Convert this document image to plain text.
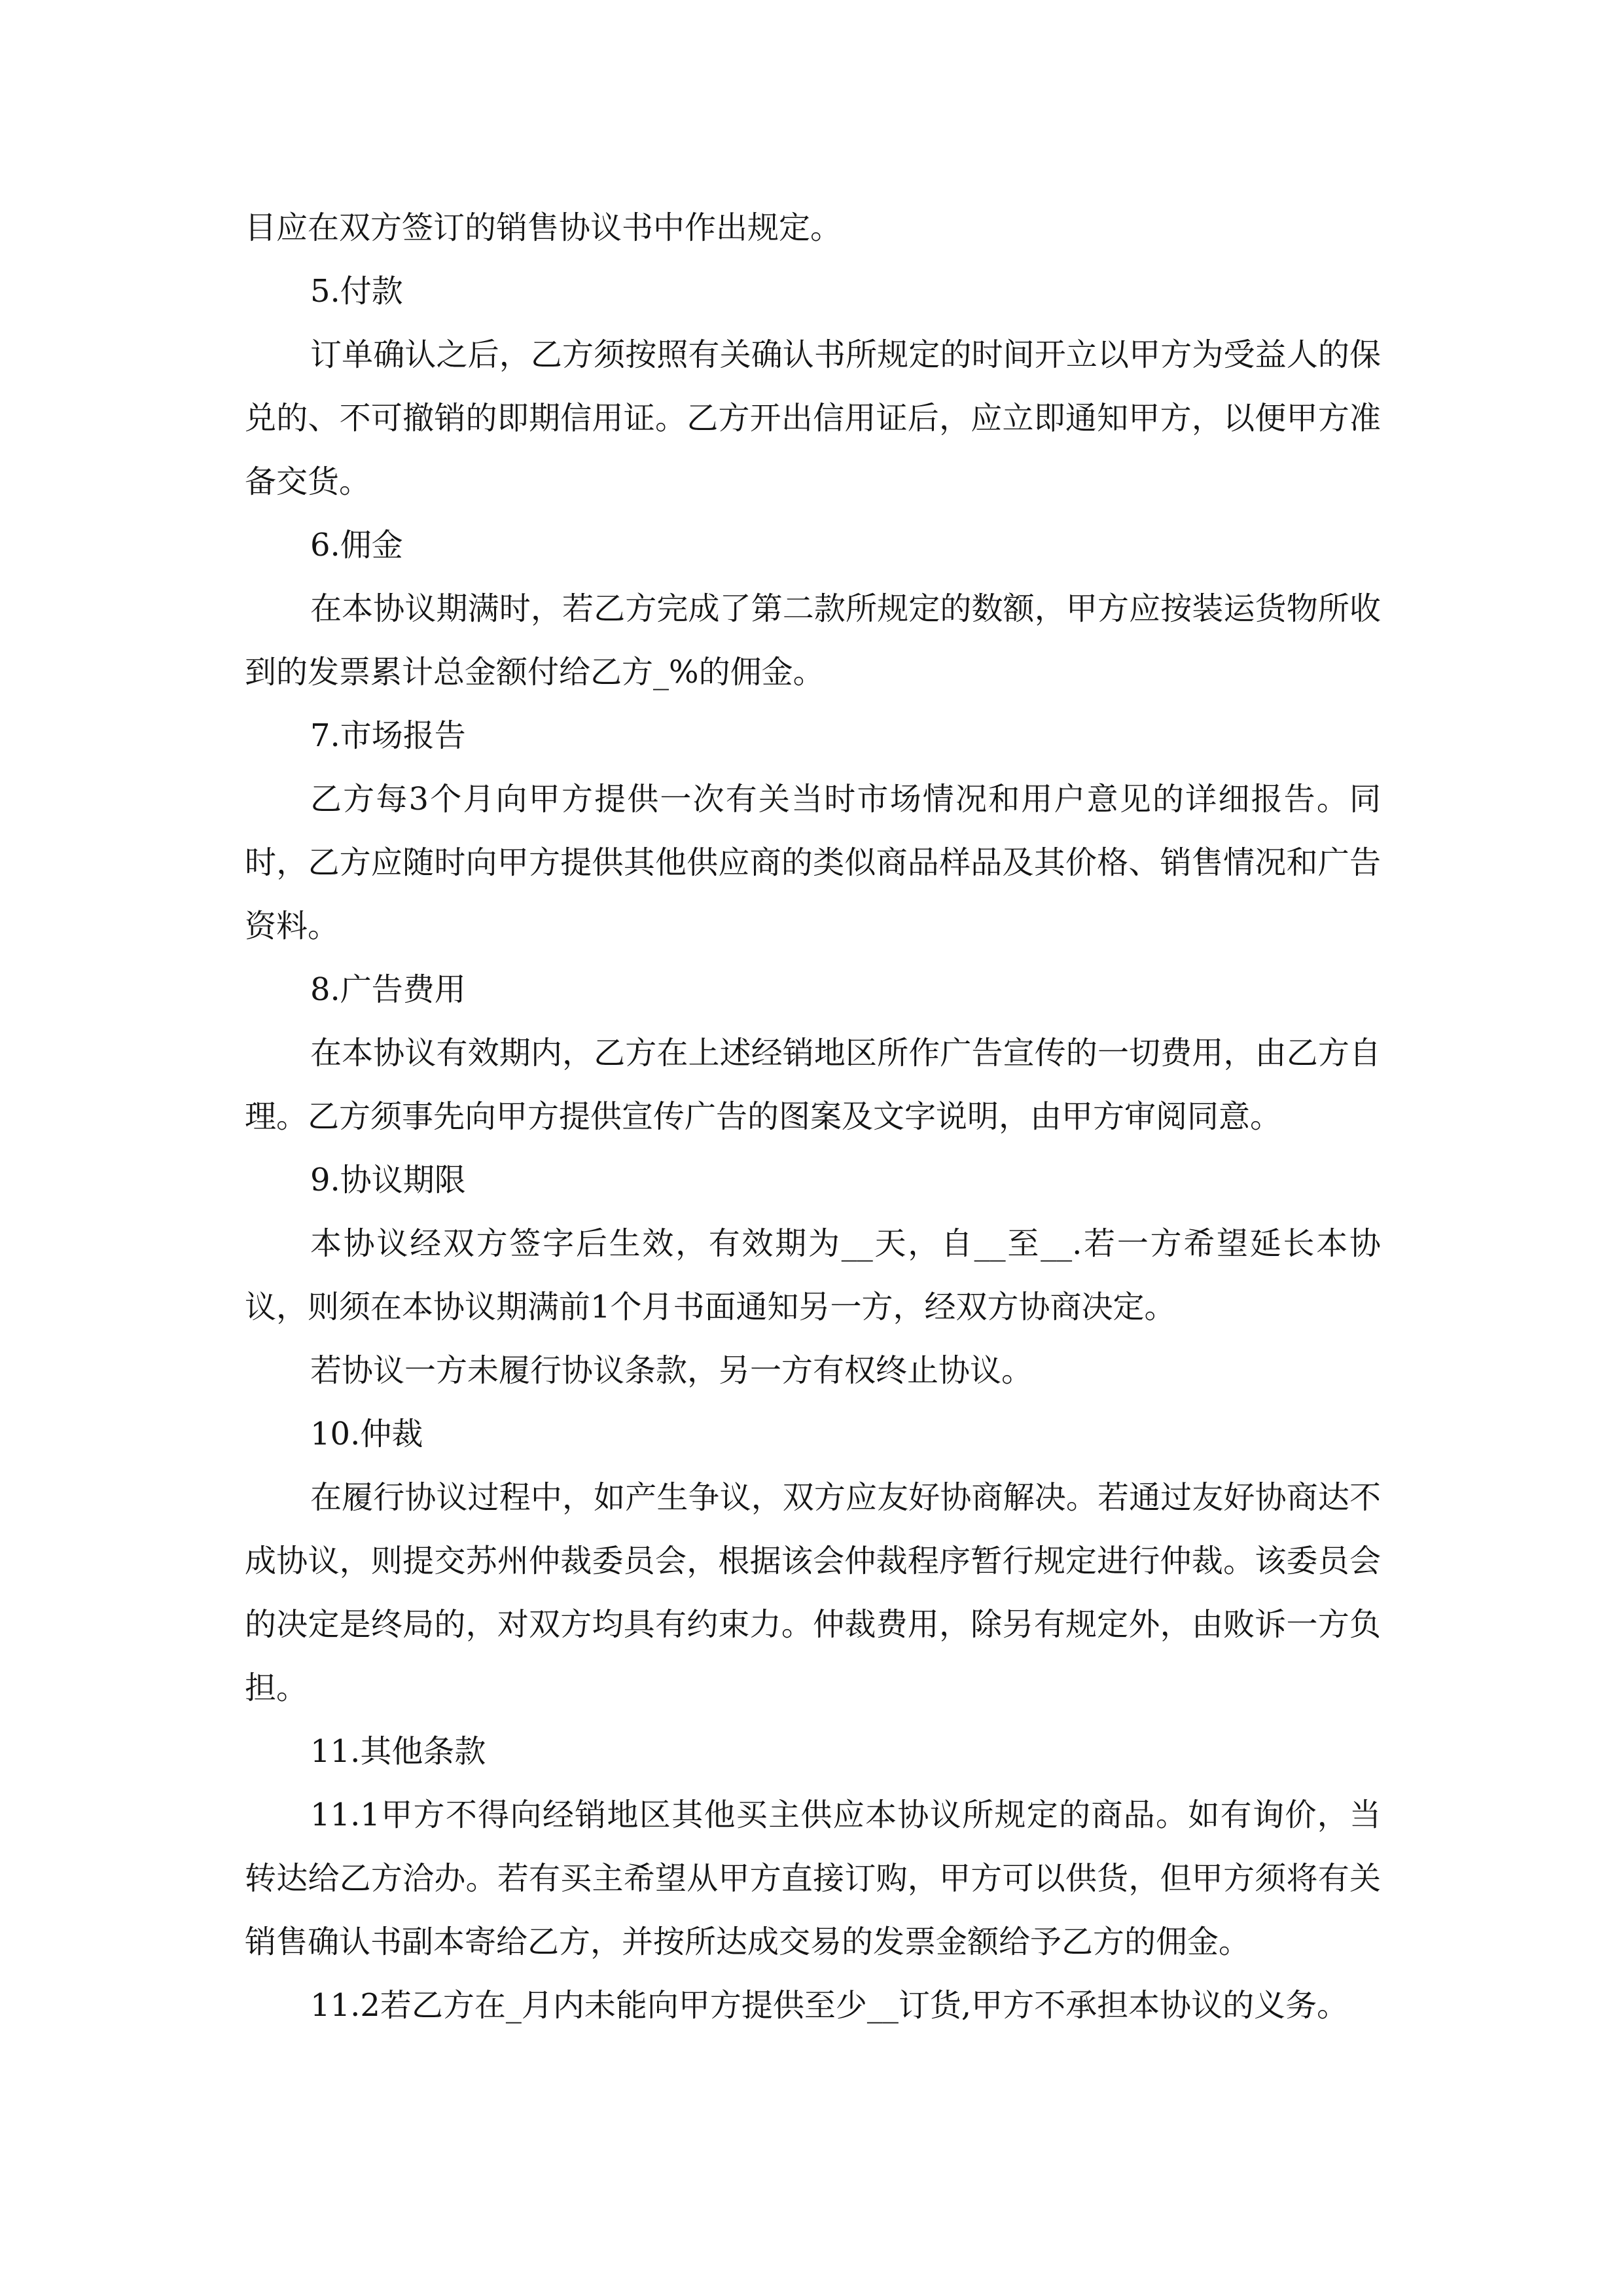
目应在双方签订的销售协议书中作出规定。

5.付款

订单确认之后，乙方须按照有关确认书所规定的时间开立以甲方为受益人的保兑的、不可撤销的即期信用证。乙方开出信用证后，应立即通知甲方，以便甲方准备交货。

6.佣金

在本协议期满时，若乙方完成了第二款所规定的数额，甲方应按装运货物所收到的发票累计总金额付给乙方_%的佣金。

7.市场报告

乙方每3个月向甲方提供一次有关当时市场情况和用户意见的详细报告。同时，乙方应随时向甲方提供其他供应商的类似商品样品及其价格、销售情况和广告资料。

8.广告费用

在本协议有效期内，乙方在上述经销地区所作广告宣传的一切费用，由乙方自理。乙方须事先向甲方提供宣传广告的图案及文字说明，由甲方审阅同意。

9.协议期限

本协议经双方签字后生效，有效期为__天，自__至__.若一方希望延长本协议，则须在本协议期满前1个月书面通知另一方，经双方协商决定。

若协议一方未履行协议条款，另一方有权终止协议。

10.仲裁

在履行协议过程中，如产生争议，双方应友好协商解决。若通过友好协商达不成协议，则提交苏州仲裁委员会，根据该会仲裁程序暂行规定进行仲裁。该委员会的决定是终局的，对双方均具有约束力。仲裁费用，除另有规定外，由败诉一方负担。

11.其他条款

11.1甲方不得向经销地区其他买主供应本协议所规定的商品。如有询价，当转达给乙方洽办。若有买主希望从甲方直接订购，甲方可以供货，但甲方须将有关销售确认书副本寄给乙方，并按所达成交易的发票金额给予乙方的佣金。

11.2若乙方在_月内未能向甲方提供至少__订货,甲方不承担本协议的义务。
